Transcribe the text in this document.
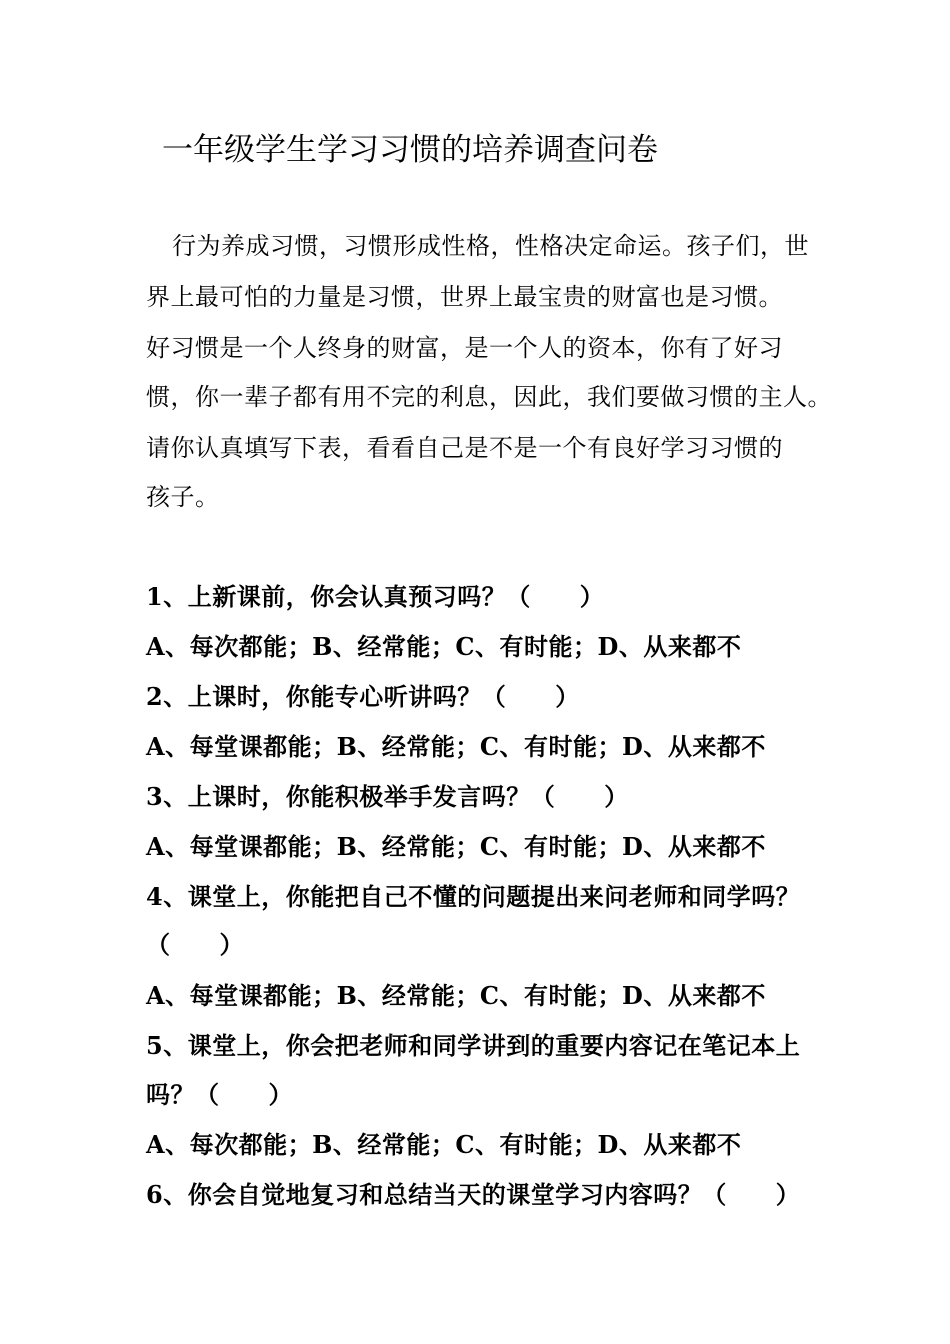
一年级学生学习习惯的培养调查问卷
行为养成习惯，习惯形成性格，性格决定命运。孩子们，世
界上最可怕的力量是习惯，世界上最宝贵的财富也是习惯。
好习惯是一个人终身的财富，是一个人的资本，你有了好习
惯，你一辈子都有用不完的利息，因此，我们要做习惯的主人。
请你认真填写下表，看看自己是不是一个有良好学习习惯的
孩子。
1、上新课前，你会认真预习吗？（　　）
A、每次都能；B、经常能；C、有时能；D、从来都不
2、上课时，你能专心听讲吗？（　　）
A、每堂课都能；B、经常能；C、有时能；D、从来都不
3、上课时，你能积极举手发言吗？（　　）
A、每堂课都能；B、经常能；C、有时能；D、从来都不
4、课堂上，你能把自己不懂的问题提出来问老师和同学吗？
（　　）
A、每堂课都能；B、经常能；C、有时能；D、从来都不
5、课堂上，你会把老师和同学讲到的重要内容记在笔记本上
吗？（　　）
A、每次都能；B、经常能；C、有时能；D、从来都不
6、你会自觉地复习和总结当天的课堂学习内容吗？（　　）
